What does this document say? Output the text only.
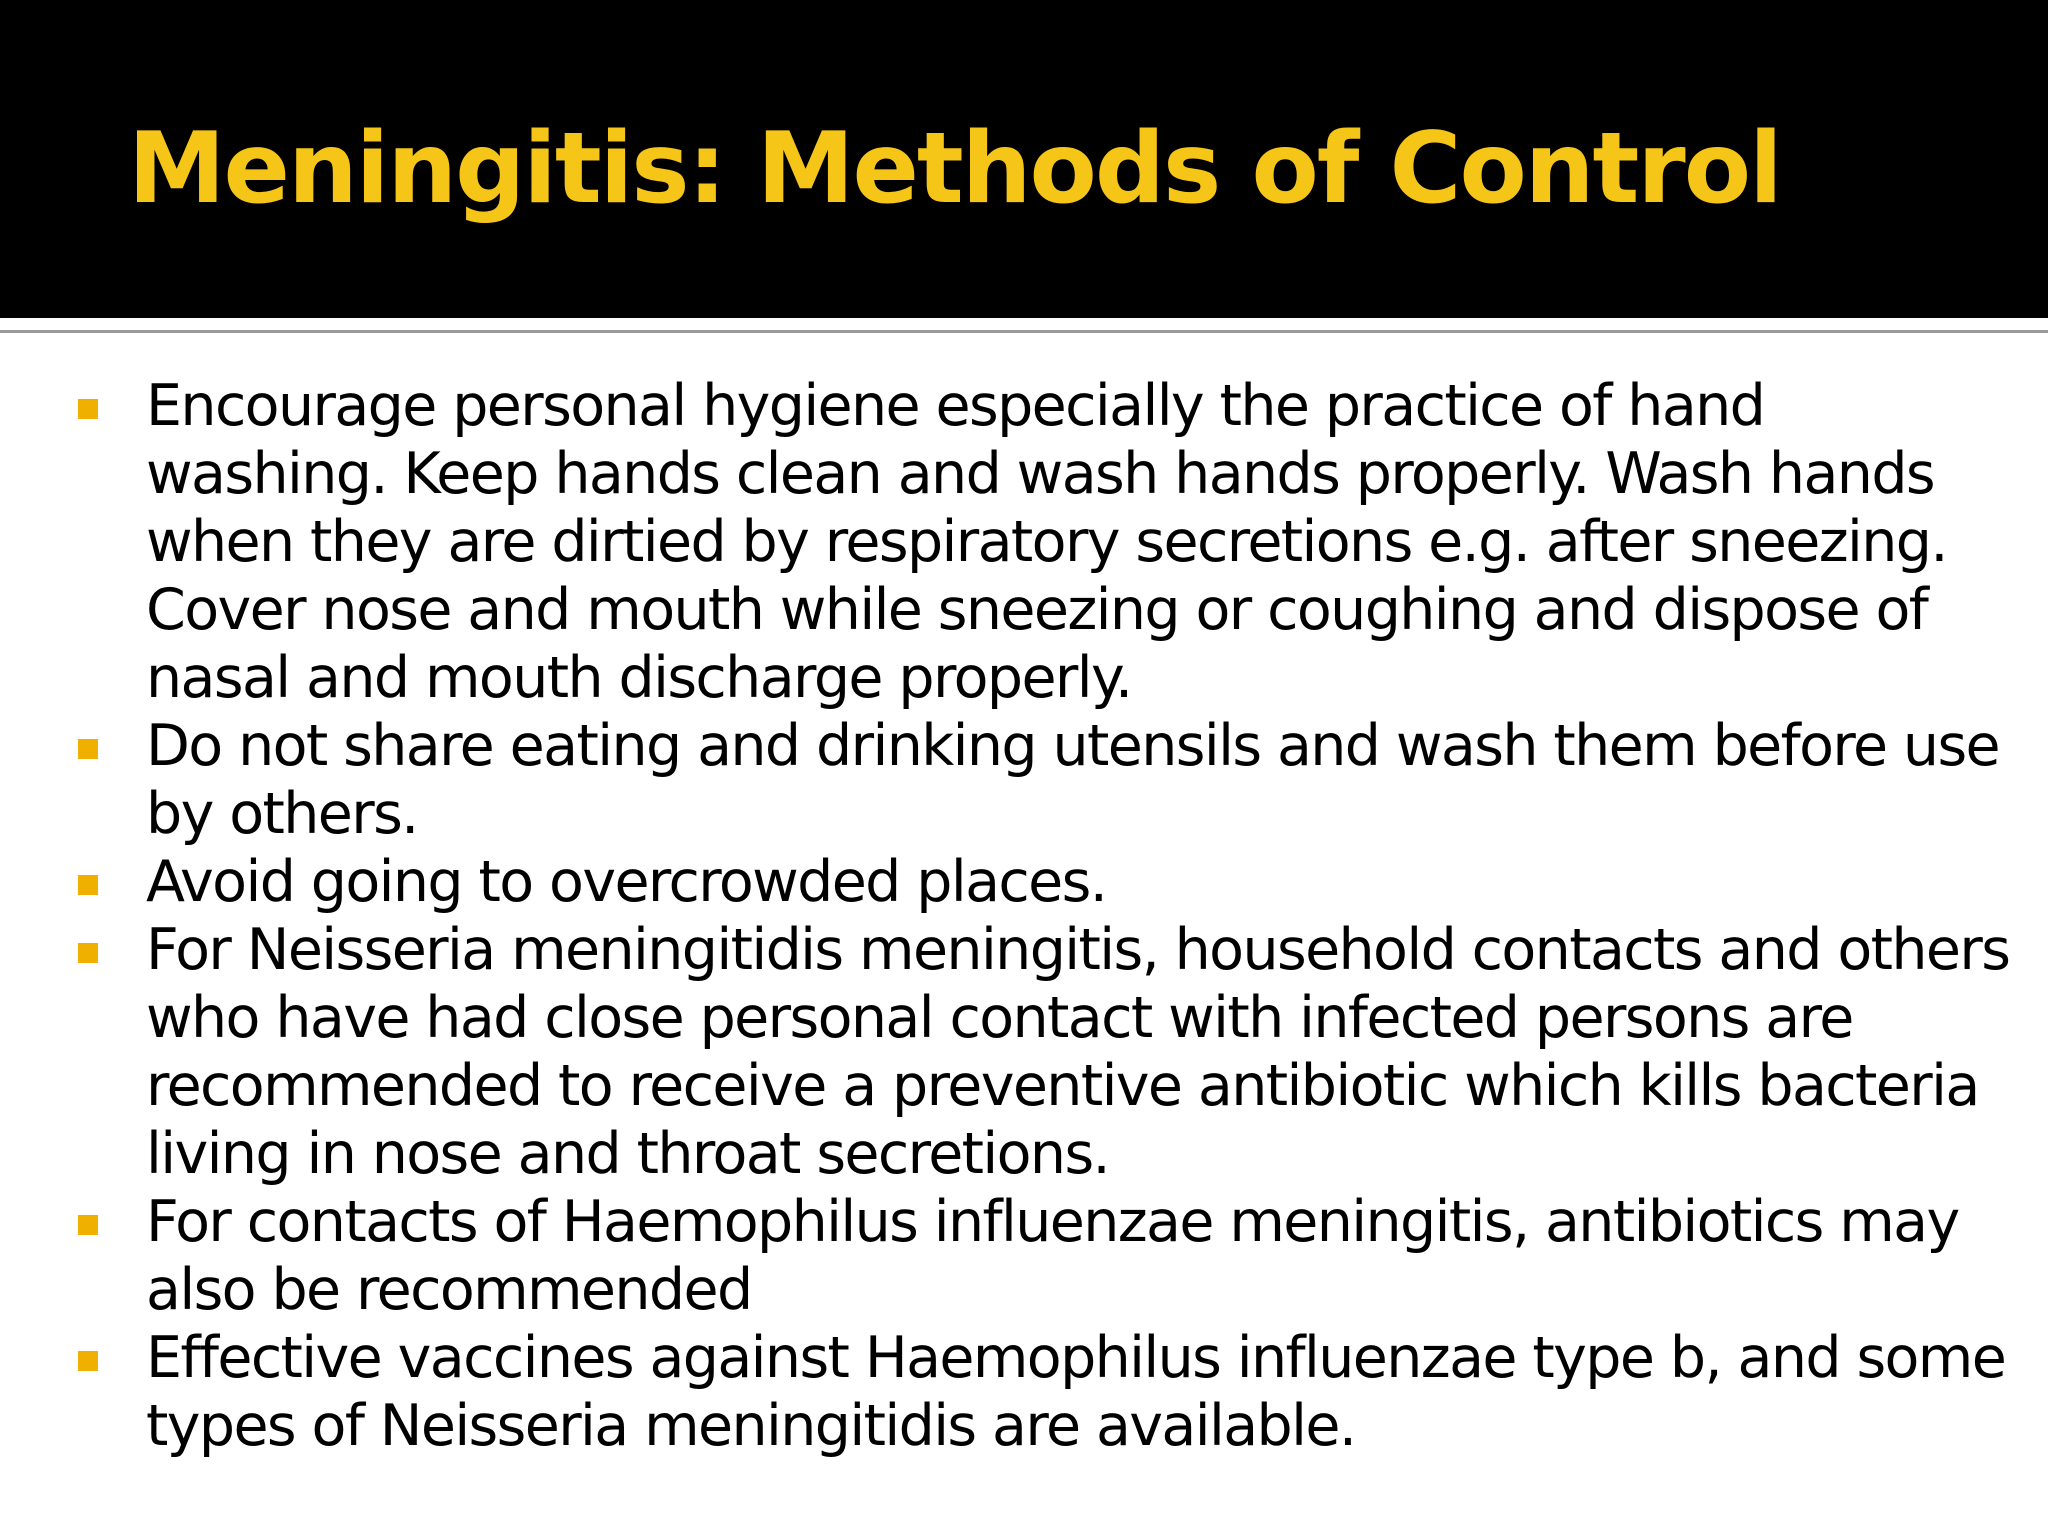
Meningitis: Methods of Control
Encourage personal hygiene especially the practice of hand washing. Keep hands clean and wash hands properly. Wash hands when they are dirtied by respiratory secretions e.g. after sneezing. Cover nose and mouth while sneezing or coughing and dispose of nasal and mouth discharge properly.
Do not share eating and drinking utensils and wash them before use by others.
Avoid going to overcrowded places.
For Neisseria meningitidis meningitis, household contacts and others who have had close personal contact with infected persons are recommended to receive a preventive antibiotic which kills bacteria living in nose and throat secretions.
For contacts of Haemophilus influenzae meningitis, antibiotics may also be recommended
Effective vaccines against Haemophilus influenzae type b, and some types of Neisseria meningitidis are available.
